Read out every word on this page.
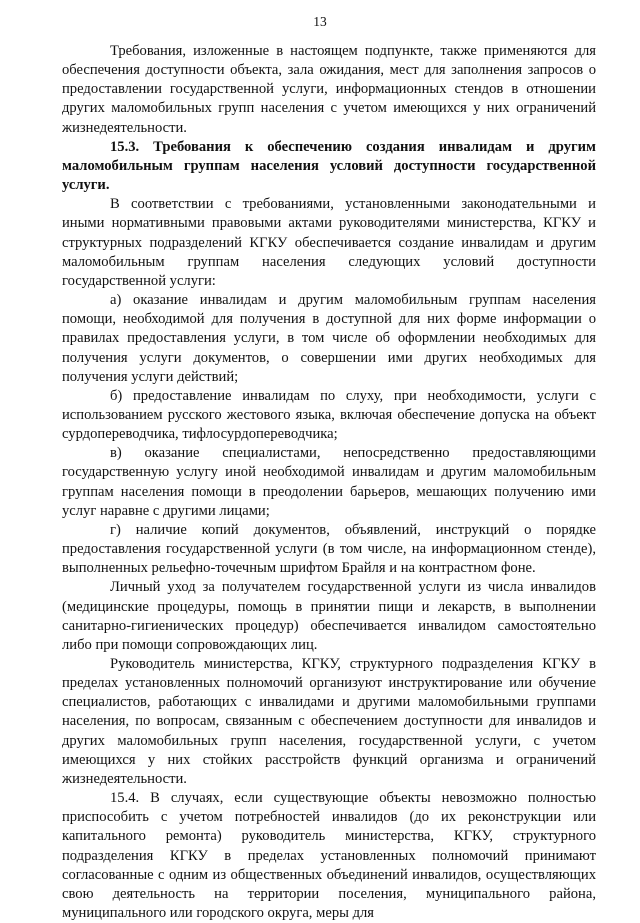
13

Требования, изложенные в настоящем подпункте, также применяются для обеспечения доступности объекта, зала ожидания, мест для заполнения запросов о предоставлении государственной услуги, информационных стендов в отношении других маломобильных групп населения с учетом имеющихся у них ограничений жизнедеятельности.

15.3. Требования к обеспечению создания инвалидам и другим маломобильным группам населения условий доступности государственной услуги.

В соответствии с требованиями, установленными законодательными и иными нормативными правовыми актами руководителями министерства, КГКУ и структурных подразделений КГКУ обеспечивается создание инвалидам и другим маломобильным группам населения следующих условий доступности государственной услуги:

а) оказание инвалидам и другим маломобильным группам населения помощи, необходимой для получения в доступной для них форме информации о правилах предоставления услуги, в том числе об оформлении необходимых для получения услуги документов, о совершении ими других необходимых для получения услуги действий;

б) предоставление инвалидам по слуху, при необходимости, услуги с использованием русского жестового языка, включая обеспечение допуска на объект сурдопереводчика, тифлосурдопереводчика;

в) оказание специалистами, непосредственно предоставляющими государственную услугу иной необходимой инвалидам и другим маломобильным группам населения помощи в преодолении барьеров, мешающих получению ими услуг наравне с другими лицами;

г) наличие копий документов, объявлений, инструкций о порядке предоставления государственной услуги (в том числе, на информационном стенде), выполненных рельефно-точечным шрифтом Брайля и на контрастном фоне.

Личный уход за получателем государственной услуги из числа инвалидов (медицинские процедуры, помощь в принятии пищи и лекарств, в выполнении санитарно-гигиенических процедур) обеспечивается инвалидом самостоятельно либо при помощи сопровождающих лиц.

Руководитель министерства, КГКУ, структурного подразделения КГКУ в пределах установленных полномочий организуют инструктирование или обучение специалистов, работающих с инвалидами и другими маломобильными группами населения, по вопросам, связанным с обеспечением доступности для инвалидов и других маломобильных групп населения, государственной услуги, с учетом имеющихся у них стойких расстройств функций организма и ограничений жизнедеятельности.

15.4. В случаях, если существующие объекты невозможно полностью приспособить с учетом потребностей инвалидов (до их реконструкции или капитального ремонта) руководитель министерства, КГКУ, структурного подразделения КГКУ в пределах установленных полномочий принимают согласованные с одним из общественных объединений инвалидов, осуществляющих свою деятельность на территории поселения, муниципального района, муниципального или городского округа, меры для
